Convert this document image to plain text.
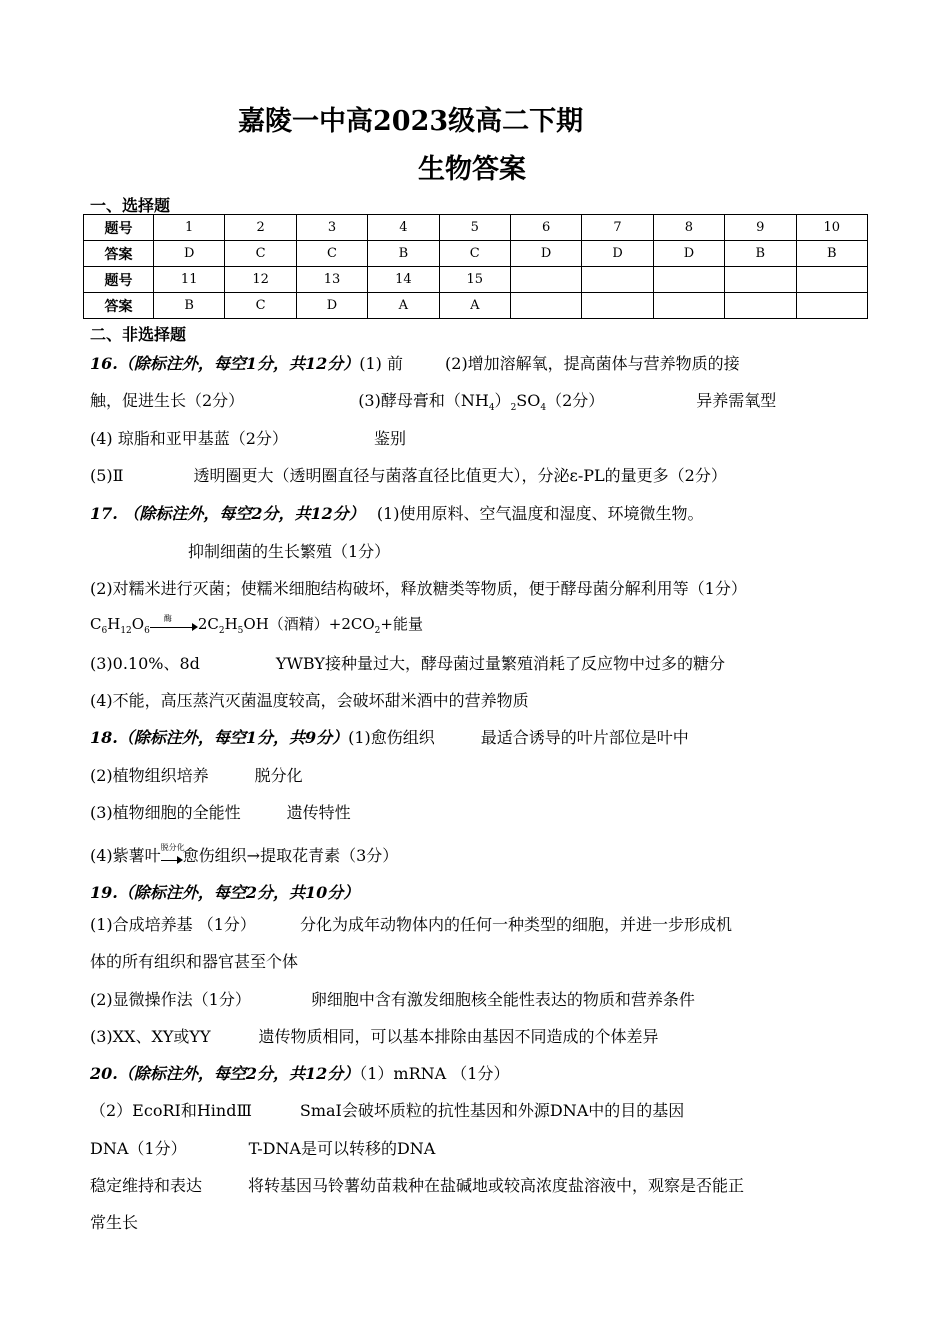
嘉陵一中高2023级高二下期
生物答案
一、选择题
题号	1	2	3	4	5	6	7	8	9	10
答案	D	C	C	B	C	D	D	D	B	B
题号	11	12	13	14	15					
答案	B	C	D	A	A					
二、非选择题
16.（除标注外，每空1分，共12分）(1) 前	(2)增加溶解氧，提高菌体与营养物质的接
触，促进生长（2分）	(3)酵母膏和$(NH_4)_2SO_4(2$分）	异养需氧型
(4) 琼脂和亚甲基蓝（2分）	鉴别
(5)Ⅱ	透明圈更大（透明圈直径与菌落直径比值更大），分泌ε-PL的量更多（2分）
17. （除标注外，每空2分，共12分） (1)使用原料、空气温度和湿度、环境微生物。
抑制细菌的生长繁殖（1分）
(2)对糯米进行灭菌；使糯米细胞结构破坏，释放糖类等物质，便于酵母菌分解利用等（1分）
$C_6H_{12}O_6$
酶 $2C_2H_5OH$（酒精）$+2CO_2+$能量
(3)0.10%、8d	YWBY接种量过大，酵母菌过量繁殖消耗了反应物中过多的糖分
(4)不能，高压蒸汽灭菌温度较高，会破坏甜米酒中的营养物质
18.（除标注外，每空1分，共9分）(1)愈伤组织	最适合诱导的叶片部位是叶中
(2)植物组织培养	脱分化
(3)植物细胞的全能性	遗传特性
(4)紫薯叶 脱分化
愈伤组织→提取花青素（3分）
19.（除标注外，每空2分，共10分）
(1)合成培养基 （1分）	分化为成年动物体内的任何一种类型的细胞，并进一步形成机
体的所有组织和器官甚至个体
(2)显微操作法（1分）	卵细胞中含有激发细胞核全能性表达的物质和营养条件
(3)XX、XY或YY	遗传物质相同，可以基本排除由基因不同造成的个体差异
20.（除标注外，每空2分，共12分）（1）mRNA （1分）
（2）EcoRⅠ和HindⅢ	SmaⅠ会破坏质粒的抗性基因和外源DNA中的目的基因
DNA（1分）	T-DNA是可以转移的DNA
稳定维持和表达	将转基因马铃薯幼苗栽种在盐碱地或较高浓度盐溶液中，观察是否能正
常生长
